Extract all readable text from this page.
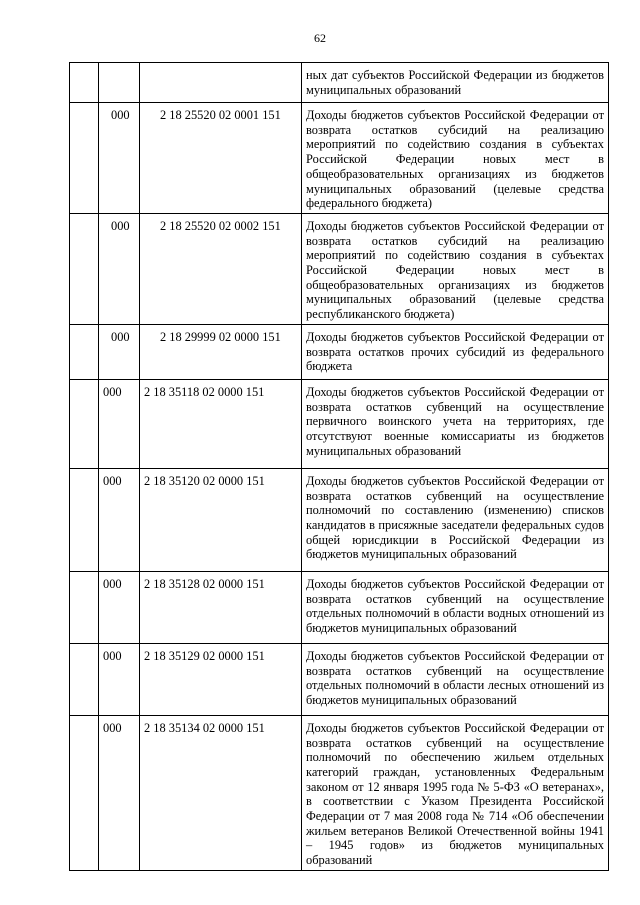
62
			ных дат субъектов Российской Федерации из бюджетов муниципальных образований
	000	2 18 25520 02 0001 151	Доходы бюджетов субъектов Российской Федерации от возврата остатков субсидий на реализацию мероприятий по содействию создания в субъектах Российской Федерации новых мест в общеобразовательных организациях из бюджетов муниципальных образований (целевые средства федерального бюджета)
	000	2 18 25520 02 0002 151	Доходы бюджетов субъектов Российской Федерации от возврата остатков субсидий на реализацию мероприятий по содействию создания в субъектах Российской Федерации новых мест в общеобразовательных организациях из бюджетов муниципальных образований (целевые средства республиканского бюджета)
	000	2 18 29999 02 0000 151	Доходы бюджетов субъектов Российской Федерации от возврата остатков прочих субсидий из федерального бюджета
	000	2 18 35118 02 0000 151	Доходы бюджетов субъектов Российской Федерации от возврата остатков субвенций на осуществление первичного воинского учета на территориях, где отсутствуют военные комиссариаты из бюджетов муниципальных образований
	000	2 18 35120 02 0000 151	Доходы бюджетов субъектов Российской Федерации от возврата остатков субвенций на осуществление полномочий по составлению (изменению) списков кандидатов в присяжные заседатели федеральных судов общей юрисдикции в Российской Федерации из бюджетов муниципальных образований
	000	2 18 35128 02 0000 151	Доходы бюджетов субъектов Российской Федерации от возврата остатков субвенций на осуществление отдельных полномочий в области водных отношений из бюджетов муниципальных образований
	000	2 18 35129 02 0000 151	Доходы бюджетов субъектов Российской Федерации от возврата остатков субвенций на осуществление отдельных полномочий в области лесных отношений из бюджетов муниципальных образований
	000	2 18 35134 02 0000 151	Доходы бюджетов субъектов Российской Федерации от возврата остатков субвенций на осуществление полномочий по обеспечению жильем отдельных категорий граждан, установленных Федеральным законом от 12 января 1995 года № 5-ФЗ «О ветеранах», в соответствии с Указом Президента Российской Федерации от 7 мая 2008 года № 714 «Об обеспечении жильем ветеранов Великой Отечественной войны 1941 – 1945 годов» из бюджетов муниципальных образований
